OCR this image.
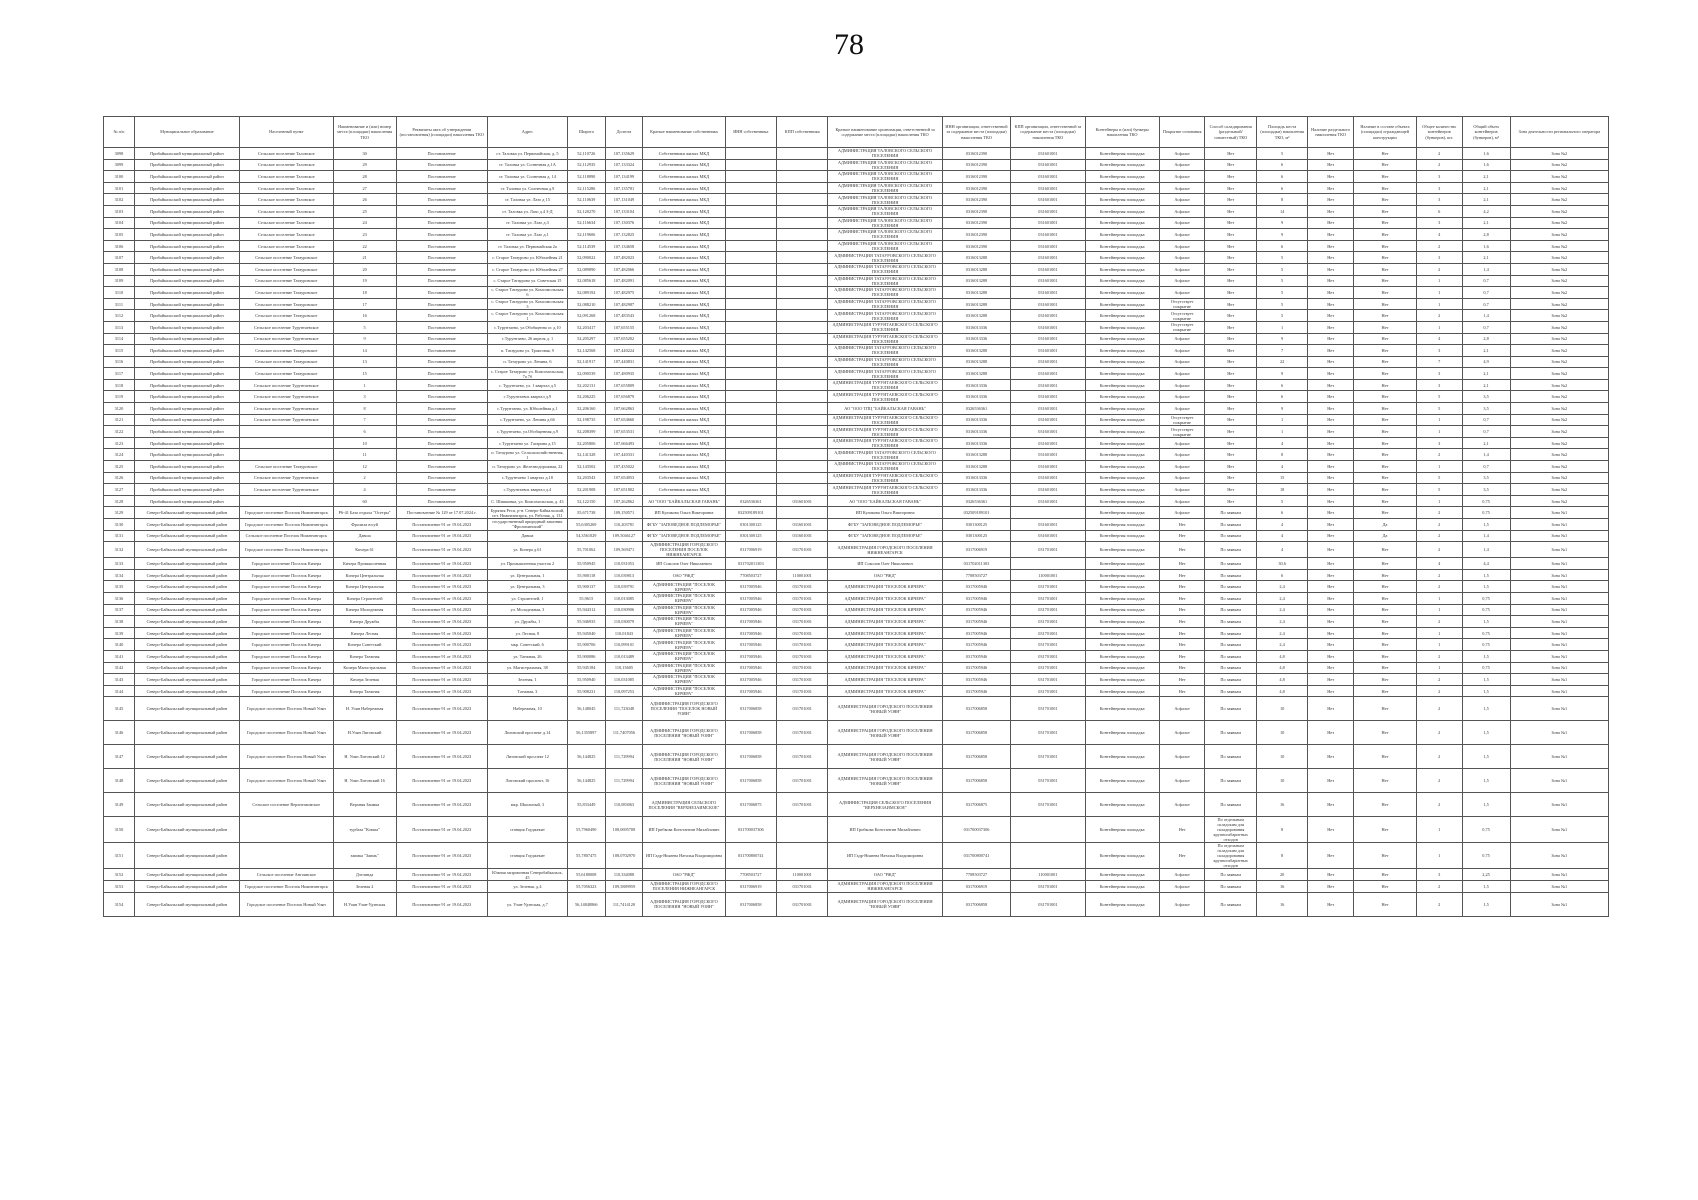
78
№ п/п	Муниципальное образование	Населенный пункт	Наименование и (или) номер места (площадки) накопления ТКО	Реквизиты акта об утверждении (постановления) (площадки) накопления ТКО	Адрес	Широта	Долгота	Краткое наименование собственника	ИНН собственника	КПП собственника	Краткое наименование организации, ответственной за содержание места (площадки) накопления ТКО	ИНН организации, ответственной за содержание места (площадки) накопления ТКО	КПП организации, ответственной за содержание места (площадки) накопления ТКО	Контейнеры и (или) бункеры накопления ТКО	Покрытие основания	Способ складирования (раздельный/ совместный) ТКО	Площадь места (площадки) накопления ТКО, м²	Наличие раздельного накопления ТКО	Наличие в составе объекта (площадки) ограждающей конструкции	Общее количество контейнеров (бункеров), шт.	Общий объем контейнеров (бункеров), м³	Зона деятельности регионального оператора
3098	Прибайкальский муниципальный район	Сельское поселение Таловское	30	Постановление	ст. Таловка ул. Первомайская, д. 5	52,110726	107,135629	Собственники жилых МКД			АДМИНИСТРАЦИЯ ТАЛОВСКОГО СЕЛЬСКОГО ПОСЕЛЕНИЯ	0316012390	031601001	Контейнерная площадка	Асфальт	Нет	5	Нет	Нет	2	1,6	Зона №2
3099	Прибайкальский муниципальный район	Сельское поселение Таловское	29	Постановление	ст. Таловка ул. Солнечная д.1А	52,112935	107,133324	Собственники жилых МКД			АДМИНИСТРАЦИЯ ТАЛОВСКОГО СЕЛЬСКОГО ПОСЕЛЕНИЯ	0316012390	031601001	Контейнерная площадка	Асфальт	Нет	6	Нет	Нет	2	1,6	Зона №2
3100	Прибайкальский муниципальный район	Сельское поселение Таловское	28	Постановление	ст. Таловка ул. Солнечная д. 14	52,118890	107,134199	Собственники жилых МКД			АДМИНИСТРАЦИЯ ТАЛОВСКОГО СЕЛЬСКОГО ПОСЕЛЕНИЯ	0316012390	031601001	Контейнерная площадка	Асфальт	Нет	6	Нет	Нет	3	2,1	Зона №2
3101	Прибайкальский муниципальный район	Сельское поселение Таловское	27	Постановление	ст. Таловка ул. Солнечная д.9	52,115286	107,135781	Собственники жилых МКД			АДМИНИСТРАЦИЯ ТАЛОВСКОГО СЕЛЬСКОГО ПОСЕЛЕНИЯ	0316012390	031601001	Контейнерная площадка	Асфальт	Нет	6	Нет	Нет	3	2,1	Зона №2
3102	Прибайкальский муниципальный район	Сельское поселение Таловское	26	Постановление	ст. Таловка ул. Лазо д 15	52,110639	107,131049	Собственники жилых МКД			АДМИНИСТРАЦИЯ ТАЛОВСКОГО СЕЛЬСКОГО ПОСЕЛЕНИЯ	0316012390	031601001	Контейнерная площадка	Асфальт	Нет	8	Нет	Нет	3	2,1	Зона №2
3103	Прибайкальский муниципальный район	Сельское поселение Таловское	25	Постановление	ст. Таловка ул. Лазо д.4 3-Д	52,120270	107,133104	Собственники жилых МКД			АДМИНИСТРАЦИЯ ТАЛОВСКОГО СЕЛЬСКОГО ПОСЕЛЕНИЯ	0316012390	031601001	Контейнерная площадка	Асфальт	Нет	14	Нет	Нет	6	4,2	Зона №2
3104	Прибайкальский муниципальный район	Сельское поселение Таловское	24	Постановление	ст. Таловка ул. Лазо д.3	52,116634	107,130376	Собственники жилых МКД			АДМИНИСТРАЦИЯ ТАЛОВСКОГО СЕЛЬСКОГО ПОСЕЛЕНИЯ	0316012390	031601001	Контейнерная площадка	Асфальт	Нет	9	Нет	Нет	3	2,1	Зона №2
3105	Прибайкальский муниципальный район	Сельское поселение Таловское	23	Постановление	ст. Таловка ул. Лазо д.1	52,119606	107,132825	Собственники жилых МКД			АДМИНИСТРАЦИЯ ТАЛОВСКОГО СЕЛЬСКОГО ПОСЕЛЕНИЯ	0316012390	031601001	Контейнерная площадка	Асфальт	Нет	9	Нет	Нет	4	2,8	Зона №2
3106	Прибайкальский муниципальный район	Сельское поселение Таловское	22	Постановление	ст. Таловка ул. Первомайская 2а	52,114539	107,134658	Собственники жилых МКД			АДМИНИСТРАЦИЯ ТАЛОВСКОГО СЕЛЬСКОГО ПОСЕЛЕНИЯ	0316012390	031601001	Контейнерная площадка	Асфальт	Нет	6	Нет	Нет	2	1,6	Зона №2
3107	Прибайкальский муниципальный район	Сельское поселение Татауровское	21	Постановление	с. Старое Татаурово ул. Юбилейная 21	52,090022	107,482023	Собственники жилых МКД			АДМИНИСТРАЦИЯ ТАТАУРОВСКОГО СЕЛЬСКОГО ПОСЕЛЕНИЯ	0316013288	031601001	Контейнерная площадка	Асфальт	Нет	5	Нет	Нет	3	2,1	Зона №2
3108	Прибайкальский муниципальный район	Сельское поселение Татауровское	20	Постановление	с. Старое Татаурово ул. Юбилейная 27	52,089890	107,482066	Собственники жилых МКД			АДМИНИСТРАЦИЯ ТАТАУРОВСКОГО СЕЛЬСКОГО ПОСЕЛЕНИЯ	0316013288	031601001	Контейнерная площадка	Асфальт	Нет	5	Нет	Нет	2	1,4	Зона №2
3109	Прибайкальский муниципальный район	Сельское поселение Татауровское	19	Постановление	с. Старое Татаурово ул. Советская 15	52,085618	107,482091	Собственники жилых МКД			АДМИНИСТРАЦИЯ ТАТАУРОВСКОГО СЕЛЬСКОГО ПОСЕЛЕНИЯ	0316013288	031601001	Контейнерная площадка	Асфальт	Нет	5	Нет	Нет	1	0,7	Зона №2
3110	Прибайкальский муниципальный район	Сельское поселение Татауровское	18	Постановление	с. Старое Татаурово ул. Комсомольская 6	52,089192	107,482975	Собственники жилых МКД			АДМИНИСТРАЦИЯ ТАТАУРОВСКОГО СЕЛЬСКОГО ПОСЕЛЕНИЯ	0316013288	031601001	Контейнерная площадка	Асфальт	Нет	5	Нет	Нет	1	0,7	Зона №2
3111	Прибайкальский муниципальный район	Сельское поселение Татауровское	17	Постановление	с. Старое Татаурово ул. Комсомольская 3	52,088210	107,482987	Собственники жилых МКД			АДМИНИСТРАЦИЯ ТАТАУРОВСКОГО СЕЛЬСКОГО ПОСЕЛЕНИЯ	0316013288	031601001	Контейнерная площадка	Отсутствует покрытие	Нет	5	Нет	Нет	1	0,7	Зона №2
3112	Прибайкальский муниципальный район	Сельское поселение Татауровское	16	Постановление	с. Старое Татаурово ул. Комсомольская 1	52,091268	107,483543	Собственники жилых МКД			АДМИНИСТРАЦИЯ ТАТАУРОВСКОГО СЕЛЬСКОГО ПОСЕЛЕНИЯ	0316013288	031601001	Контейнерная площадка	Отсутствует покрытие	Нет	5	Нет	Нет	2	1,4	Зона №2
3113	Прибайкальский муниципальный район	Сельское поселение Турунтаевское	5	Постановление	с.Турунтаево, ул.Обобщенна ос д.10	52,203417	107,655155	Собственники жилых МКД			АДМИНИСТРАЦИЯ ТУРУНТАЕВСКОГО СЕЛЬСКОГО ПОСЕЛЕНИЯ	0316013336	031601001	Контейнерная площадка	Отсутствует покрытие	Нет	1	Нет	Нет	1	0,7	Зона №2
3114	Прибайкальский муниципальный район	Сельское поселение Турунтаевское	9	Постановление	с.Турунтаево, 26 апреля д. 1	52,205297	107,655202	Собственники жилых МКД			АДМИНИСТРАЦИЯ ТУРУНТАЕВСКОГО СЕЛЬСКОГО ПОСЕЛЕНИЯ	0316013336	031601001	Контейнерная площадка	Асфальт	Нет	9	Нет	Нет	4	2,8	Зона №2
3115	Прибайкальский муниципальный район	Сельское поселение Татауровское	14	Постановление	п. Татаурово ул. Трактовая, 9	52,142568	107,440224	Собственники жилых МКД			АДМИНИСТРАЦИЯ ТАТАУРОВСКОГО СЕЛЬСКОГО ПОСЕЛЕНИЯ	0316013288	031601001	Контейнерная площадка	Асфальт	Нет	7	Нет	Нет	3	2,1	Зона №2
3116	Прибайкальский муниципальный район	Сельское поселение Татауровское	13	Постановление	п. Татаурово ул. Ленина, 6	52,141917	107,440831	Собственники жилых МКД			АДМИНИСТРАЦИЯ ТАТАУРОВСКОГО СЕЛЬСКОГО ПОСЕЛЕНИЯ	0316013288	031601001	Контейнерная площадка	Асфальт	Нет	22	Нет	Нет	7	4,9	Зона №2
3117	Прибайкальский муниципальный район	Сельское поселение Татауровское	15	Постановление	с. Старое Татаурово ул. Комсомольская, 7а 7б	52,090539	107,480935	Собственники жилых МКД			АДМИНИСТРАЦИЯ ТАТАУРОВСКОГО СЕЛЬСКОГО ПОСЕЛЕНИЯ	0316013288	031601001	Контейнерная площадка	Асфальт	Нет	9	Нет	Нет	3	2,1	Зона №2
3118	Прибайкальский муниципальный район	Сельское поселение Турунтаевское	1	Постановление	с. Турунтаево, ул. 1 квартал д.5	52,202131	107,655809	Собственники жилых МКД			АДМИНИСТРАЦИЯ ТУРУНТАЕВСКОГО СЕЛЬСКОГО ПОСЕЛЕНИЯ	0316013336	031601001	Контейнерная площадка	Асфальт	Нет	6	Нет	Нет	3	2,1	Зона №2
3119	Прибайкальский муниципальный район	Сельское поселение Турунтаевское	3	Постановление	с.Турунтаевск квартал д.9	52,206225	107,656879	Собственники жилых МКД			АДМИНИСТРАЦИЯ ТУРУНТАЕВСКОГО СЕЛЬСКОГО ПОСЕЛЕНИЯ	0316013336	031601001	Контейнерная площадка	Асфальт	Нет	6	Нет	Нет	5	3,5	Зона №2
3120	Прибайкальский муниципальный район	Сельское поселение Турунтаевское	8	Постановление	с.Турунтаево, ул. Юбилейная д.1	52,206160	107,662863	Собственники жилых МКД			АО "ООО ТПЦ "БАЙКАЛЬСКАЯ ГАВАНЬ"	0326536361	031601001	Контейнерная площадка	Асфальт	Нет	9	Нет	Нет	5	3,5	Зона №2
3121	Прибайкальский муниципальный район	Сельское поселение Турунтаевское	7	Постановление	с.Турунтаево, ул. Ленина д.66	52,198735	107,654660	Собственники жилых МКД			АДМИНИСТРАЦИЯ ТУРУНТАЕВСКОГО СЕЛЬСКОГО ПОСЕЛЕНИЯ	0316013336	031601001	Контейнерная площадка	Отсутствует покрытие	Нет	1	Нет	Нет	1	0,7	Зона №2
3122	Прибайкальский муниципальный район		6	Постановление	с.Турунтаево, ул.Обобщенная д.9	52,208399	107,653531	Собственники жилых МКД			АДМИНИСТРАЦИЯ ТУРУНТАЕВСКОГО СЕЛЬСКОГО ПОСЕЛЕНИЯ	0316013336	031601001	Контейнерная площадка	Отсутствует покрытие	Нет	1	Нет	Нет	1	0,7	Зона №2
3123	Прибайкальский муниципальный район		10	Постановление	с.Турунтаево ул. Гагарина д.15	52,205806	107,666493	Собственники жилых МКД			АДМИНИСТРАЦИЯ ТУРУНТАЕВСКОГО СЕЛЬСКОГО ПОСЕЛЕНИЯ	0316013336	031601001	Контейнерная площадка	Асфальт	Нет	4	Нет	Нет	3	2,1	Зона №2
3124	Прибайкальский муниципальный район		11	Постановление	п. Татаурово ул. Сельскохозяйственная, 1	52,141328	107,440331	Собственники жилых МКД			АДМИНИСТРАЦИЯ ТАТАУРОВСКОГО СЕЛЬСКОГО ПОСЕЛЕНИЯ	0316013288	031601001	Контейнерная площадка	Асфальт	Нет	8	Нет	Нет	2	1,4	Зона №2
3125	Прибайкальский муниципальный район	Сельское поселение Татауровское	12	Постановление	п. Татаурово ул. Железнодорожная, 22	52,143502	107,435022	Собственники жилых МКД			АДМИНИСТРАЦИЯ ТАТАУРОВСКОГО СЕЛЬСКОГО ПОСЕЛЕНИЯ	0316013288	031601001	Контейнерная площадка	Асфальт	Нет	4	Нет	Нет	1	0,7	Зона №2
3126	Прибайкальский муниципальный район	Сельское поселение Турунтаевское	2	Постановление	с.Турунтаево 1 квартал д.18	52,203543	107,654053	Собственники жилых МКД			АДМИНИСТРАЦИЯ ТУРУНТАЕВСКОГО СЕЛЬСКОГО ПОСЕЛЕНИЯ	0316013336	031601001	Контейнерная площадка	Асфальт	Нет	15	Нет	Нет	5	3,5	Зона №2
3127	Прибайкальский муниципальный район	Сельское поселение Турунтаевское	4	Постановление	с.Турунтаевск квартал д.4	52,201908	107,651802	Собственники жилых МКД			АДМИНИСТРАЦИЯ ТУРУНТАЕВСКОГО СЕЛЬСКОГО ПОСЕЛЕНИЯ	0316013336	031601001	Контейнерная площадка	Асфальт	Нет	18	Нет	Нет	5	3,5	Зона №2
3128	Прибайкальский муниципальный район		60	Постановление	С. Шишковка, ул. Комсомольская, д. 43	52,122150	107,262862	АО "ООО "БАЙКАЛЬСКАЯ ГАВАНЬ"	0326536361	031601001	АО "ООО "БАЙКАЛЬСКАЯ ГАВАНЬ"	0326536361	031601001	Контейнерная площадка	Асфальт	Нет	5	Нет	Нет	1	0,75	Зона №2
3129	Северо-Байкальский муниципальный район	Городское поселение Поселок Нижнеангарск	Р6-41 База отдыха "Осетры"	Постановление № 129 от 17.07.2024 г.	Бурятия Респ, р-н. Северо-Байкальский, пгт. Нижнеангарск, ул. Рабочая, д. 131	55,671738	109,150571	ИП Куликова Ольга Викторовна	032509189101		ИП Куликова Ольга Викторовна	032509189101		Контейнерная площадка	Асфальт	По заявкам	6	Нет	Нет	2	0,75	Зона №1
3130	Северо-Байкальский муниципальный район	Городское поселение Поселок Нижнеангарск	Фролиха юсуй	Постановление 91 от 19.04.2023	государственный природный заказник "Фролихинский"	55,6305269	110,203781	ФГБУ "ЗАПОВЕДНОЕ ПОДЛЕМОРЬЕ"	0301300125	031601001	ФГБУ "ЗАПОВЕДНОЕ ПОДЛЕМОРЬЕ"	0301300125	031601001	Контейнерная площадка	Нет	По заявкам	4	Нет	Да	2	1,5	Зона №1
3131	Северо-Байкальский муниципальный район	Сельское поселение Поселок Нижнеангарск	Давша	Постановление 91 от 19.04.2023	Давша	54,3561029	109,5046127	ФГБУ "ЗАПОВЕДНОЕ ПОДЛЕМОРЬЕ"	0301300125	031601001	ФГБУ "ЗАПОВЕДНОЕ ПОДЛЕМОРЬЕ"	0301300125	031601001	Контейнерная площадка	Нет	По заявкам	4	Нет	Да	2	1,4	Зона №1
3132	Северо-Байкальский муниципальный район	Городское поселение Поселок Нижнеангарск	Кичера 61	Постановление 91 от 19.04.2023	ул. Кичера д.61	55,701062	109,569471	АДМИНИСТРАЦИЯ ГОРОДСКОГО ПОСЕЛЕНИЯ ПОСЕЛОК НИЖНЕАНГАРСК	0317006919	031701001	АДМИНИСТРАЦИЯ ГОРОДСКОГО ПОСЕЛЕНИЯ НИЖНЕАНГАРСК	0317006919	031701001	Контейнерная площадка	Нет	По заявкам	4	Нет	Нет	2	1,4	Зона №1
3133	Северо-Байкальский муниципальный район	Городское поселение Поселок Кичера	Кичера Промышленная	Постановление 91 от 19.04.2023	ул. Промышленная участок 2	55,950945	110,031053	ИП Соколов Олег Николаевич	031702011303		ИП Соколов Олег Николаевич	031702011303		Контейнерная площадка	Нет	По заявкам	30,6	Нет	Нет	4	4,4	Зона №1
3134	Северо-Байкальский муниципальный район	Городское поселение Поселок Кичера	Кичера Центральная	Постановление 91 от 19.04.2023	ул. Центральная, 1	55,900118	110,039813	ОАО "РЖД"	7708503727	110001001	ОАО "РЖД"	7708503727	110001001	Контейнерная площадка	Нет	По заявкам	6	Нет	Нет	2	1,5	Зона №1
3135	Северо-Байкальский муниципальный район	Городское поселение Поселок Кичера	Кичера Центральная	Постановление 91 от 19.04.2023	ул. Центральная, 3	55,900137	110,039791	АДМИНИСТРАЦИЯ "ПОСЕЛОК КИЧЕРА"	0317005946	031701001	АДМИНИСТРАЦИЯ "ПОСЕЛОК КИЧЕРА"	0317005946	031701001	Контейнерная площадка	Нет	По заявкам	2,4	Нет	Нет	2	1,5	Зона №1
3136	Северо-Байкальский муниципальный район	Городское поселение Поселок Кичера	Кичера Строителей	Постановление 91 от 19.04.2023	ул. Строителей, 1	55,9615	110,013085	АДМИНИСТРАЦИЯ "ПОСЕЛОК КИЧЕРА"	0317005946	031701001	АДМИНИСТРАЦИЯ "ПОСЕЛОК КИЧЕРА"	0317005946	031701001	Контейнерная площадка	Нет	По заявкам	2,4	Нет	Нет	1	0,75	Зона №1
3137	Северо-Байкальский муниципальный район	Городское поселение Поселок Кичера	Кичера Молодежная	Постановление 91 от 19.04.2023	ул. Молодежная, 3	55,944312	110,030906	АДМИНИСТРАЦИЯ "ПОСЕЛОК КИЧЕРА"	0317005946	031701001	АДМИНИСТРАЦИЯ "ПОСЕЛОК КИЧЕРА"	0317005946	031701001	Контейнерная площадка	Нет	По заявкам	2,4	Нет	Нет	1	0,75	Зона №1
3138	Северо-Байкальский муниципальный район	Городское поселение Поселок Кичера	Кичера Дружбы	Постановление 91 от 19.04.2023	ул. Дружбы, 1	55,946935	110,030079	АДМИНИСТРАЦИЯ "ПОСЕЛОК КИЧЕРА"	0317005946	031701001	АДМИНИСТРАЦИЯ "ПОСЕЛОК КИЧЕРА"	0317005946	031701001	Контейнерная площадка	Нет	По заявкам	2,4	Нет	Нет	2	1,5	Зона №1
3139	Северо-Байкальский муниципальный район	Городское поселение Поселок Кичера	Кичера Лесная	Постановление 91 от 19.04.2023	ул. Лесная, 8	55,945040	110,01843	АДМИНИСТРАЦИЯ "ПОСЕЛОК КИЧЕРА"	0317005946	031701001	АДМИНИСТРАЦИЯ "ПОСЕЛОК КИЧЕРА"	0317005946	031701001	Контейнерная площадка	Нет	По заявкам	2,4	Нет	Нет	1	0,75	Зона №1
3140	Северо-Байкальский муниципальный район	Городское поселение Поселок Кичера	Кичера Советский	Постановление 91 от 19.04.2023	мкр. Советский, 6	55,900706	110,099101	АДМИНИСТРАЦИЯ "ПОСЕЛОК КИЧЕРА"	0317005946	031701001	АДМИНИСТРАЦИЯ "ПОСЕЛОК КИЧЕРА"	0317005946	031701001	Контейнерная площадка	Нет	По заявкам	2,4	Нет	Нет	1	0,75	Зона №1
3141	Северо-Байкальский муниципальный район	Городское поселение Поселок Кичера	Кичера Таежная	Постановление 91 от 19.04.2023	ул. Таежная, 26	55,900086	110,013489	АДМИНИСТРАЦИЯ "ПОСЕЛОК КИЧЕРА"	0317005946	031701001	АДМИНИСТРАЦИЯ "ПОСЕЛОК КИЧЕРА"	0317005946	031701001	Контейнерная площадка	Нет	По заявкам	4,8	Нет	Нет	2	1,5	Зона №1
3142	Северо-Байкальский муниципальный район	Городское поселение Поселок Кичера	Кичера Магистральная	Постановление 91 от 19.04.2023	ул. Магистральная, 38	55,945184	110,13605	АДМИНИСТРАЦИЯ "ПОСЕЛОК КИЧЕРА"	0317005946	031701001	АДМИНИСТРАЦИЯ "ПОСЕЛОК КИЧЕРА"	0317005946	031701001	Контейнерная площадка	Нет	По заявкам	4,8	Нет	Нет	1	0,75	Зона №1
3143	Северо-Байкальский муниципальный район	Городское поселение Поселок Кичера	Кичера Зеленая	Постановление 91 от 19.04.2023	Зеленая, 1	55,950940	110,031085	АДМИНИСТРАЦИЯ "ПОСЕЛОК КИЧЕРА"	0317005946	031701001	АДМИНИСТРАЦИЯ "ПОСЕЛОК КИЧЕРА"	0317005946	031701001	Контейнерная площадка	Нет	По заявкам	4,8	Нет	Нет	2	1,5	Зона №1
3144	Северо-Байкальский муниципальный район	Городское поселение Поселок Кичера	Кичера Таежная	Постановление 91 от 19.04.2023	Таежная, 3	55,908231	110,097253	АДМИНИСТРАЦИЯ "ПОСЕЛОК КИЧЕРА"	0317005946	031701001	АДМИНИСТРАЦИЯ "ПОСЕЛОК КИЧЕРА"	0317005946	031701001	Контейнерная площадка	Нет	По заявкам	4,8	Нет	Нет	2	1,5	Зона №1
3145	Северо-Байкальский муниципальный район	Городское поселение Поселок Новый Уоян	Н. Уоян Набережная	Постановление 91 от 19.04.2023	Набережная, 10	56,148045	111,723048	АДМИНИСТРАЦИЯ ГОРОДСКОГО ПОСЕЛЕНИЯ "ПОСЕЛОК НОВЫЙ УОЯН"	0317006858	031701001	АДМИНИСТРАЦИЯ ГОРОДСКОГО ПОСЕЛЕНИЯ "НОВЫЙ УОЯН"	0317006858	031701001	Контейнерная площадка	Асфальт	По заявкам	10	Нет	Нет	2	1,5	Зона №1
3146	Северо-Байкальский муниципальный район	Городское поселение Поселок Новый Уоян	Н.Уоян Лиговский	Постановление 91 от 19.04.2023	Лиговский проспект д.14	56,1355897	111,7407056	АДМИНИСТРАЦИЯ ГОРОДСКОГО ПОСЕЛЕНИЯ "НОВЫЙ УОЯН"	0317006858	031701001	АДМИНИСТРАЦИЯ ГОРОДСКОГО ПОСЕЛЕНИЯ "НОВЫЙ УОЯН"	0317006858	031701001	Контейнерная площадка	Асфальт	По заявкам	10	Нет	Нет	2	1,5	Зона №1
3147	Северо-Байкальский муниципальный район	Городское поселение Поселок Новый Уоян	Н. Уоян Литовский 12	Постановление 91 от 19.04.2023	Литовский проспект 12	56,144825	111,729994	АДМИНИСТРАЦИЯ ГОРОДСКОГО ПОСЕЛЕНИЯ "НОВЫЙ УОЯН"	0317006858	031701001	АДМИНИСТРАЦИЯ ГОРОДСКОГО ПОСЕЛЕНИЯ "НОВЫЙ УОЯН"	0317006858	031701001	Контейнерная площадка	Асфальт	По заявкам	10	Нет	Нет	2	1,5	Зона №1
3148	Северо-Байкальский муниципальный район	Городское поселение Поселок Новый Уоян	Н. Уоян Литовский 16	Постановление 91 от 19.04.2023	Литовский проспект, 16	56,144825	111,729994	АДМИНИСТРАЦИЯ ГОРОДСКОГО ПОСЕЛЕНИЯ "НОВЫЙ УОЯН"	0317006858	031701001	АДМИНИСТРАЦИЯ ГОРОДСКОГО ПОСЕЛЕНИЯ "НОВЫЙ УОЯН"	0317006858	031701001	Контейнерная площадка	Асфальт	По заявкам	10	Нет	Нет	2	1,5	Зона №1
3149	Северо-Байкальский муниципальный район	Сельское поселение Верхнезаимское	Верхняя Заимка	Постановление 91 от 19.04.2023	мкр. Школьный, 3	55,833449	110,083063	АДМИНИСТРАЦИЯ СЕЛЬСКОГО ПОСЕЛЕНИЯ "ВЕРХНЕЗАИМСКОЕ"	0317006875	031701001	АДМИНИСТРАЦИЯ СЕЛЬСКОГО ПОСЕЛЕНИЯ "ВЕРХНЕЗАИМСКОЕ"	0317006875	031701001	Контейнерная площадка	Асфальт	По заявкам	16	Нет	Нет	2	1,5	Зона №1
3150	Северо-Байкальский муниципальный район		турбаза "Ковша"	Постановление 91 от 19.04.2023	станция Гоуджекит	55,7960490	108,0695708	ИП Грибкова Константин Михайлович	031700037306		ИП Грибкова Константин Михайлович	031700037306		Контейнерная площадка	Нет	По отдельным складским для складирования крупногабаритных отходов	8	Нет	Нет	1	0,75	Зона №1
3151	Северо-Байкальский муниципальный район		заимка "Заимь"	Постановление 91 от 19.04.2023	станция Гоуджекит	55,7807475	108,0702970	ИП Гадр-Ниязева Наталья Владимировна	031700800741		ИП Гадр-Ниязева Наталья Владимировна	031700800741		Контейнерная площадка	Нет	По отдельным складским для складирования крупногабаритных отходов	8	Нет	Нет	1	0,75	Зона №1
3152	Северо-Байкальский муниципальный район	Сельское поселение Ангоянское	Дзелинда	Постановление 91 от 19.04.2023	Южная заправочная Северобайкальск, 45	55,6180008	110,334088	ОАО "РЖД"	7708503727	110001001	ОАО "РЖД"	7708503727	110001001	Контейнерная площадка	Асфальт	По заявкам	20	Нет	Нет	3	2,25	Зона №1
3153	Северо-Байкальский муниципальный район	Городское поселение Поселок Нижнеангарск	Зеленая 2	Постановление 91 от 19.04.2023	ул. Зеленая, д.4	55,7056323	109,5889959	АДМИНИСТРАЦИЯ ГОРОДСКОГО ПОСЕЛЕНИЯ НИЖНЕАНГАРСК	0317006919	031701001	АДМИНИСТРАЦИЯ ГОРОДСКОГО ПОСЕЛЕНИЯ НИЖНЕАНГАРСК	0317006919	031701001	Контейнерная площадка	Асфальт	По заявкам	16	Нет	Нет	2	1,5	Зона №1
3154	Северо-Байкальский муниципальный район	Городское поселение Поселок Новый Уоян	Н.Уоян Улан-Удэнская	Постановление 91 от 19.04.2023	ул. Улан-Удэнская, д.7	56,14848866	111,7414120	АДМИНИСТРАЦИЯ ГОРОДСКОГО ПОСЕЛЕНИЯ "НОВЫЙ УОЯН"	0317006858	031701001	АДМИНИСТРАЦИЯ ГОРОДСКОГО ПОСЕЛЕНИЯ "НОВЫЙ УОЯН"	0317006858	031701001	Контейнерная площадка	Асфальт	По заявкам	16	Нет	Нет	2	1,5	Зона №1
